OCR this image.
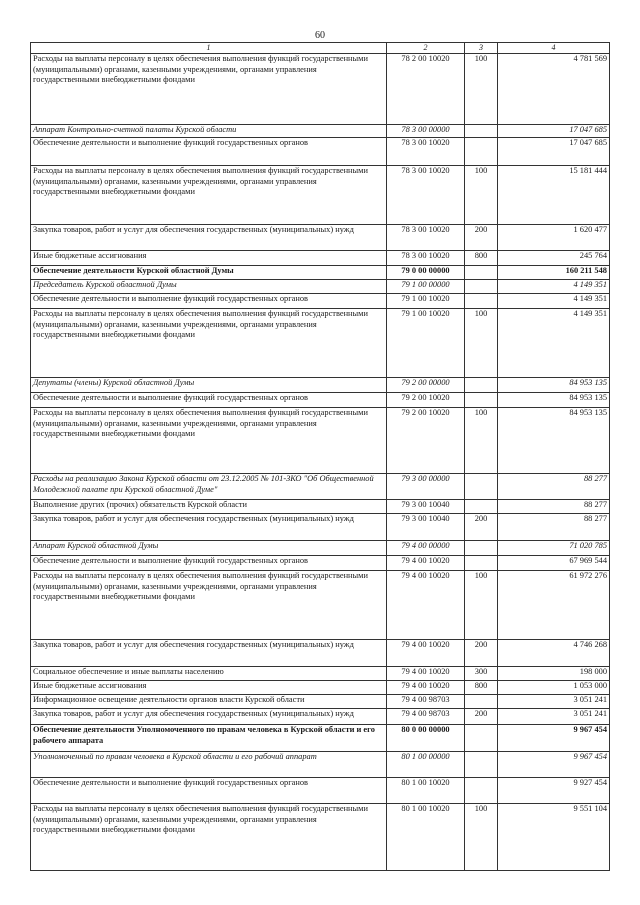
60
1	2	3	4
Расходы на выплаты персоналу в целях обеспечения выполнения функций государственными (муниципальными) органами, казенными учреждениями, органами управления государственными внебюджетными фондами	78 2 00 10020	100	4 781 569
Аппарат Контрольно-счетной палаты Курской области	78 3 00 00000		17 047 685
Обеспечение деятельности и выполнение функций государственных органов	78 3 00 10020		17 047 685
Расходы на выплаты персоналу в целях обеспечения выполнения функций государственными (муниципальными) органами, казенными учреждениями, органами управления государственными внебюджетными фондами	78 3 00 10020	100	15 181 444
Закупка товаров, работ и услуг для обеспечения государственных (муниципальных) нужд	78 3 00 10020	200	1 620 477
Иные бюджетные ассигнования	78 3 00 10020	800	245 764
Обеспечение деятельности Курской областной Думы	79 0 00 00000		160 211 548
Председатель Курской областной Думы	79 1 00 00000		4 149 351
Обеспечение деятельности и выполнение функций государственных органов	79 1 00 10020		4 149 351
Расходы на выплаты персоналу в целях обеспечения выполнения функций государственными (муниципальными) органами, казенными учреждениями, органами управления государственными внебюджетными фондами	79 1 00 10020	100	4 149 351
Депутаты (члены) Курской областной Думы	79 2 00 00000		84 953 135
Обеспечение деятельности и выполнение функций государственных органов	79 2 00 10020		84 953 135
Расходы на выплаты персоналу в целях обеспечения выполнения функций государственными (муниципальными) органами, казенными учреждениями, органами управления государственными внебюджетными фондами	79 2 00 10020	100	84 953 135
Расходы на реализацию Закона Курской области от 23.12.2005 № 101-ЗКО "Об Общественной Молодежной палате при Курской областной Думе"	79 3 00 00000		88 277
Выполнение других (прочих) обязательств Курской области	79 3 00 10040		88 277
Закупка товаров, работ и услуг для обеспечения государственных (муниципальных) нужд	79 3 00 10040	200	88 277
Аппарат Курской областной Думы	79 4 00 00000		71 020 785
Обеспечение деятельности и выполнение функций государственных органов	79 4 00 10020		67 969 544
Расходы на выплаты персоналу в целях обеспечения выполнения функций государственными (муниципальными) органами, казенными учреждениями, органами управления государственными внебюджетными фондами	79 4 00 10020	100	61 972 276
Закупка товаров, работ и услуг для обеспечения государственных (муниципальных) нужд	79 4 00 10020	200	4 746 268
Социальное обеспечение и иные выплаты населению	79 4 00 10020	300	198 000
Иные бюджетные ассигнования	79 4 00 10020	800	1 053 000
Информационное освещение деятельности органов власти Курской области	79 4 00 98703		3 051 241
Закупка товаров, работ и услуг для обеспечения государственных (муниципальных) нужд	79 4 00 98703	200	3 051 241
Обеспечение деятельности Уполномоченного по правам человека в Курской области и его рабочего аппарата	80 0 00 00000		9 967 454
Уполномоченный по правам человека в Курской области и его рабочий аппарат	80 1 00 00000		9 967 454
Обеспечение деятельности и выполнение функций государственных органов	80 1 00 10020		9 927 454
Расходы на выплаты персоналу в целях обеспечения выполнения функций государственными (муниципальными) органами, казенными учреждениями, органами управления государственными внебюджетными фондами	80 1 00 10020	100	9 551 104
